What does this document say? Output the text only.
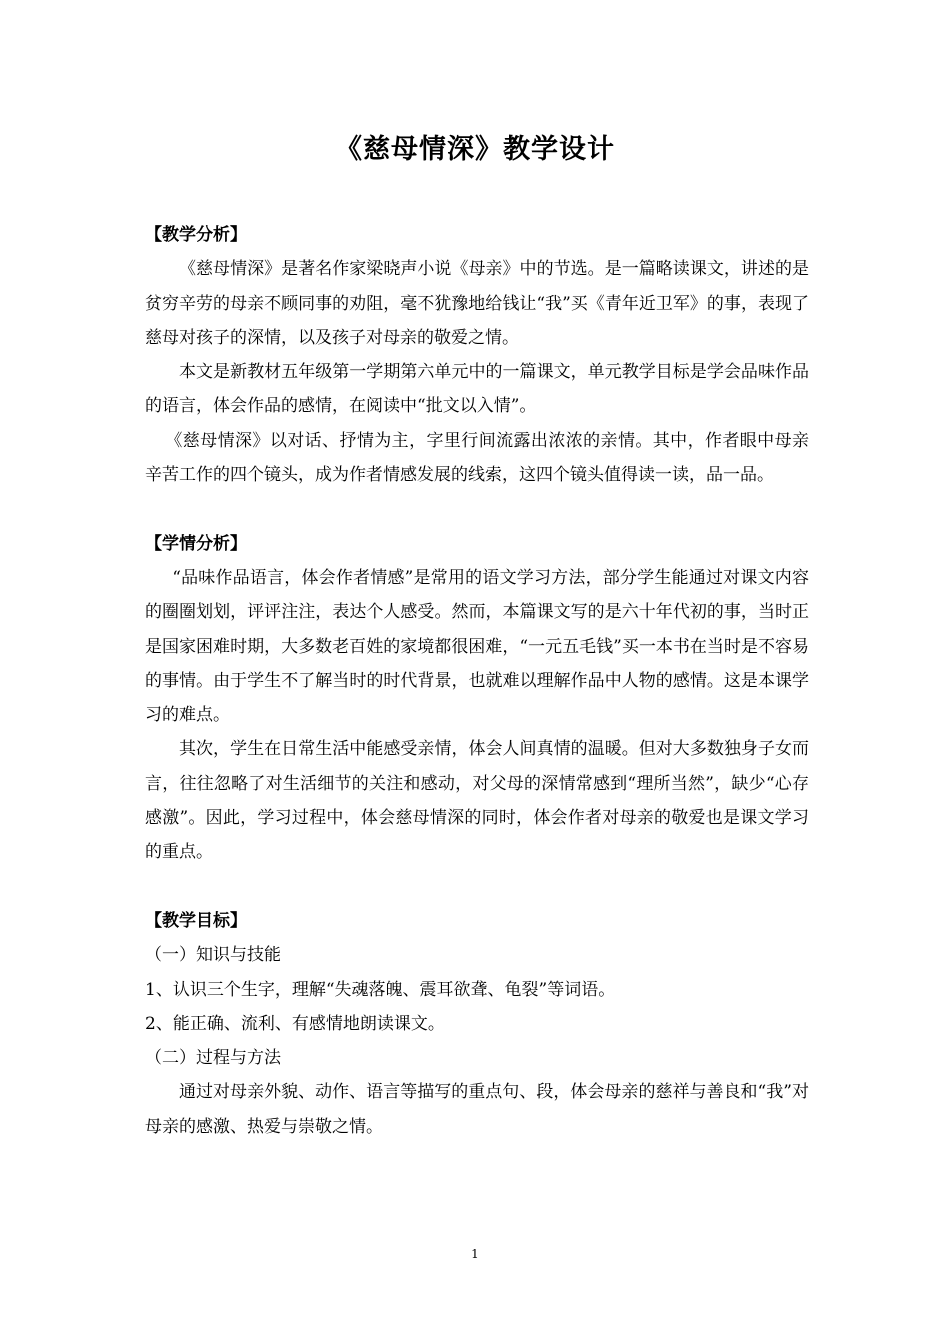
《慈母情深》教学设计

【教学分析】

《慈母情深》是著名作家梁晓声小说《母亲》中的节选。是一篇略读课文，讲述的是贫穷辛劳的母亲不顾同事的劝阻，毫不犹豫地给钱让“我”买《青年近卫军》的事，表现了慈母对孩子的深情，以及孩子对母亲的敬爱之情。

本文是新教材五年级第一学期第六单元中的一篇课文，单元教学目标是学会品味作品的语言，体会作品的感情，在阅读中“批文以入情”。

《慈母情深》以对话、抒情为主，字里行间流露出浓浓的亲情。其中，作者眼中母亲辛苦工作的四个镜头，成为作者情感发展的线索，这四个镜头值得读一读，品一品。

【学情分析】

“品味作品语言，体会作者情感”是常用的语文学习方法，部分学生能通过对课文内容的圈圈划划，评评注注，表达个人感受。然而，本篇课文写的是六十年代初的事，当时正是国家困难时期，大多数老百姓的家境都很困难，“一元五毛钱”买一本书在当时是不容易的事情。由于学生不了解当时的时代背景，也就难以理解作品中人物的感情。这是本课学习的难点。

其次，学生在日常生活中能感受亲情，体会人间真情的温暖。但对大多数独身子女而言，往往忽略了对生活细节的关注和感动，对父母的深情常感到“理所当然”，缺少“心存感激”。因此，学习过程中，体会慈母情深的同时，体会作者对母亲的敬爱也是课文学习的重点。

【教学目标】

（一）知识与技能

1、认识三个生字，理解“失魂落魄、震耳欲聋、龟裂”等词语。

2、能正确、流利、有感情地朗读课文。

（二）过程与方法

通过对母亲外貌、动作、语言等描写的重点句、段，体会母亲的慈祥与善良和“我”对母亲的感激、热爱与崇敬之情。

1
